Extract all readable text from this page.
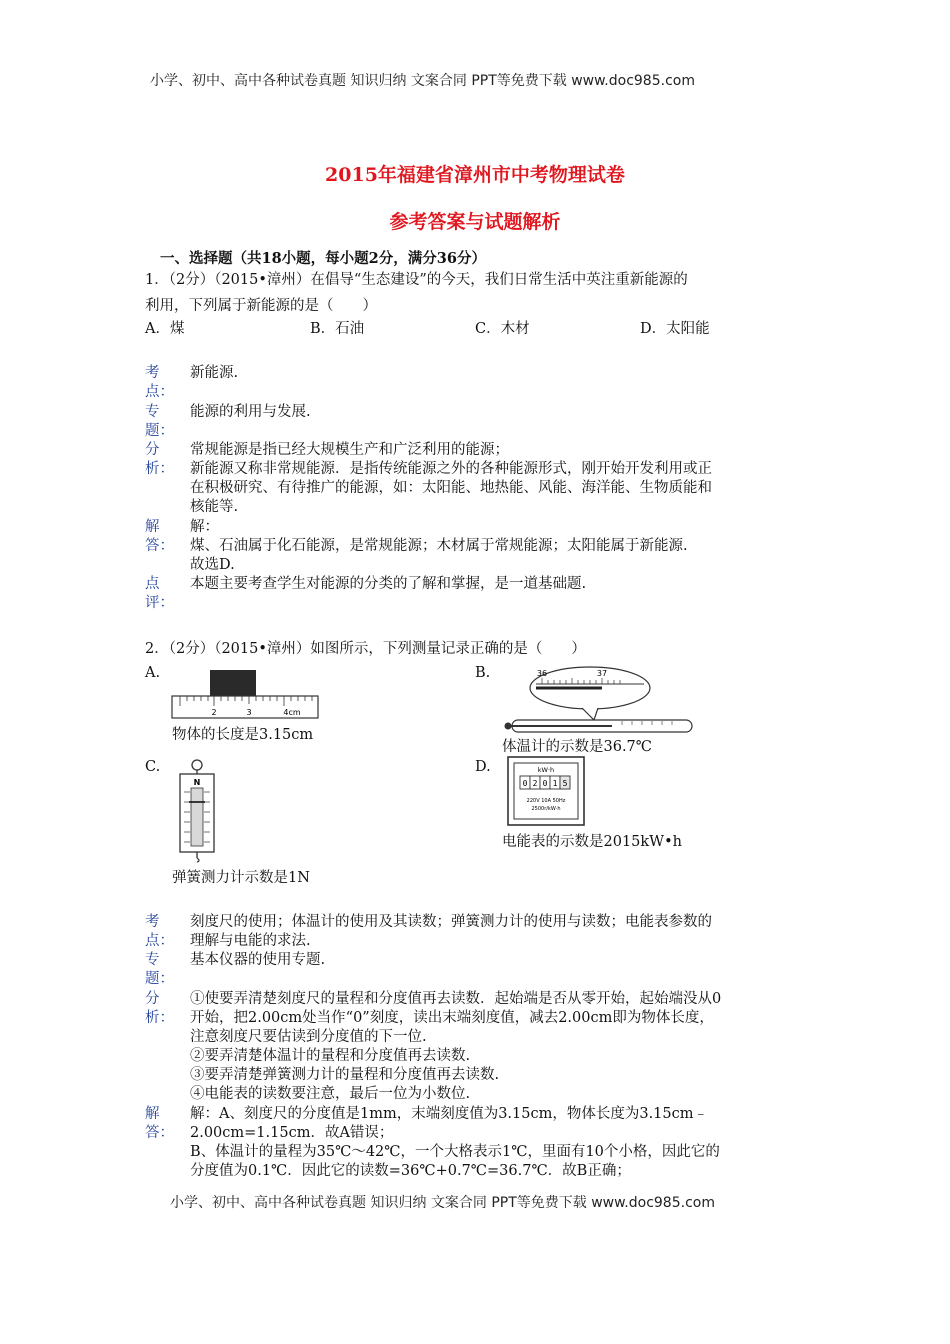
小学、初中、高中各种试卷真题 知识归纳 文案合同 PPT等免费下载 www.doc985.com
小学、初中、高中各种试卷真题 知识归纳 文案合同 PPT等免费下载 www.doc985.com
2015年福建省漳州市中考物理试卷
参考答案与试题解析
一、选择题（共18小题，每小题2分，满分36分）
1．（2分）（2015•漳州）在倡导“生态建设”的今天，我们日常生活中英注重新能源的
利用，下列属于新能源的是（　　）
A．煤	B．石油	C．木材	D．太阳能
考点：
新能源.
专题：
能源的利用与发展.
分析：
常规能源是指已经大规模生产和广泛利用的能源；
新能源又称非常规能源．是指传统能源之外的各种能源形式，刚开始开发利用或正
在积极研究、有待推广的能源，如：太阳能、地热能、风能、海洋能、生物质能和
核能等.
解答：
解：
煤、石油属于化石能源，是常规能源；木材属于常规能源；太阳能属于新能源.
故选D.
点评：
本题主要考查学生对能源的分类的了解和掌握，是一道基础题.
2．（2分）（2015•漳州）如图所示，下列测量记录正确的是（　　）
A.	B.
2	3	4cm
物体的长度是3.15cm
36	37
体温计的示数是36.7℃
C.	D.
N
弹簧测力计示数是1N
kW·h
0 2 0 1 5
220V 10A 50Hz
2500r/kW·h
电能表的示数是2015kW•h
考点：
刻度尺的使用；体温计的使用及其读数；弹簧测力计的使用与读数；电能表参数的
理解与电能的求法.
专题：
基本仪器的使用专题.
分析：
①使要弄清楚刻度尺的量程和分度值再去读数．起始端是否从零开始，起始端没从0
开始，把2.00cm处当作“0”刻度，读出末端刻度值，减去2.00cm即为物体长度，
注意刻度尺要估读到分度值的下一位.
②要弄清楚体温计的量程和分度值再去读数.
③要弄清楚弹簧测力计的量程和分度值再去读数.
④电能表的读数要注意，最后一位为小数位.
解答：
解：A、刻度尺的分度值是1mm，末端刻度值为3.15cm，物体长度为3.15cm﹣
2.00cm=1.15cm．故A错误；
B、体温计的量程为35℃～42℃，一个大格表示1℃，里面有10个小格，因此它的
分度值为0.1℃．因此它的读数=36℃+0.7℃=36.7℃．故B正确；
